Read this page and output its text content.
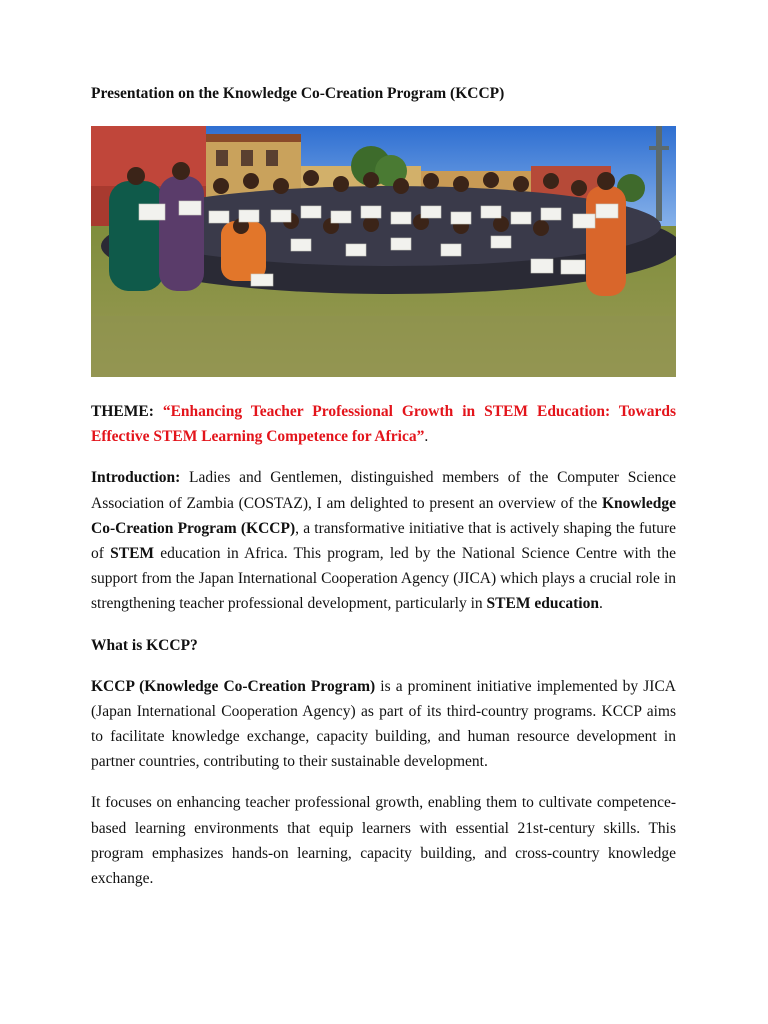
Presentation on the Knowledge Co-Creation Program (KCCP)

THEME: “Enhancing Teacher Professional Growth in STEM Education: Towards Effective STEM Learning Competence for Africa”.

Introduction: Ladies and Gentlemen, distinguished members of the Computer Science Association of Zambia (COSTAZ), I am delighted to present an overview of the Knowledge Co-Creation Program (KCCP), a transformative initiative that is actively shaping the future of STEM education in Africa. This program, led by the National Science Centre with the support from the Japan International Cooperation Agency (JICA) which plays a crucial role in strengthening teacher professional development, particularly in STEM education.

What is KCCP?

KCCP (Knowledge Co-Creation Program) is a prominent initiative implemented by JICA (Japan International Cooperation Agency) as part of its third-country programs. KCCP aims to facilitate knowledge exchange, capacity building, and human resource development in partner countries, contributing to their sustainable development.

It focuses on enhancing teacher professional growth, enabling them to cultivate competence-based learning environments that equip learners with essential 21st-century skills. This program emphasizes hands-on learning, capacity building, and cross-country knowledge exchange.
